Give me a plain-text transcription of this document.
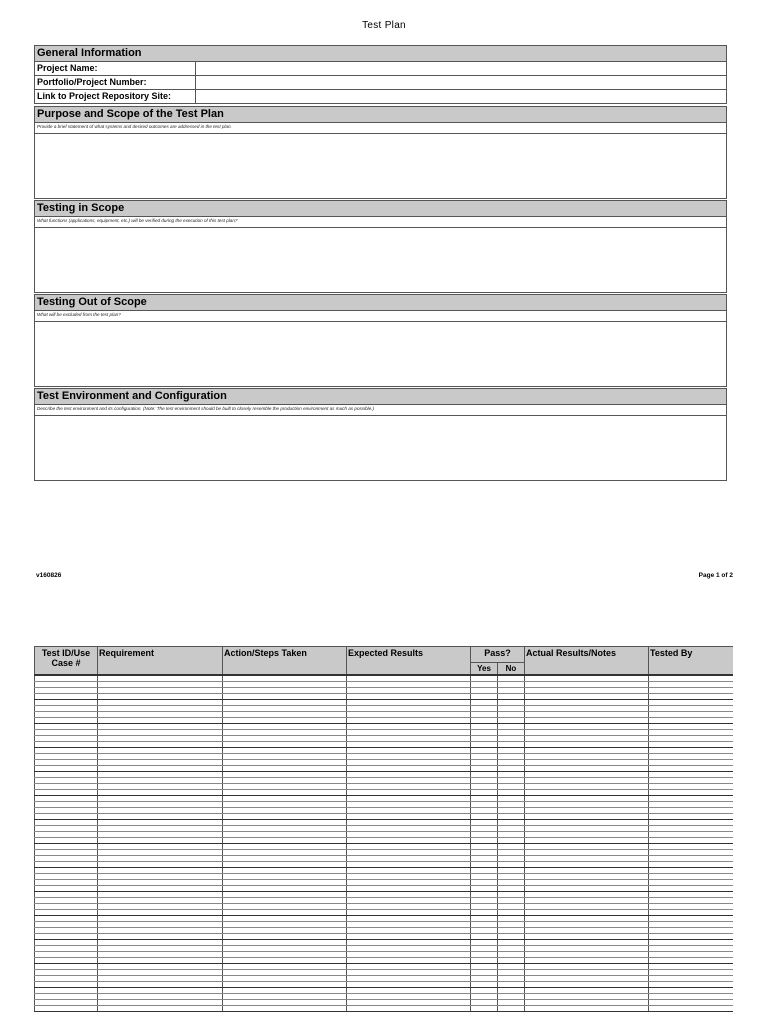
Test Plan
General Information
Project Name:
Portfolio/Project Number:
Link to Project Repository Site:
Purpose and Scope of the Test Plan
Provide a brief statement of what systems and desired outcomes are addressed in the test plan.
Testing in Scope
What functions (applications, equipment, etc.) will be verified during the execution of this test plan?
Testing Out of Scope
What will be excluded from the test plan?
Test Environment and Configuration
Describe the test environment and its configuration. (Note: The test environment should be built to closely resemble the production environment as much as possible.)
v160826	Page 1 of 2
Test ID/Use Case #	Requirement	Action/Steps Taken	Expected Results	Pass?		Actual Results/Notes	Tested By
				Yes	No		
